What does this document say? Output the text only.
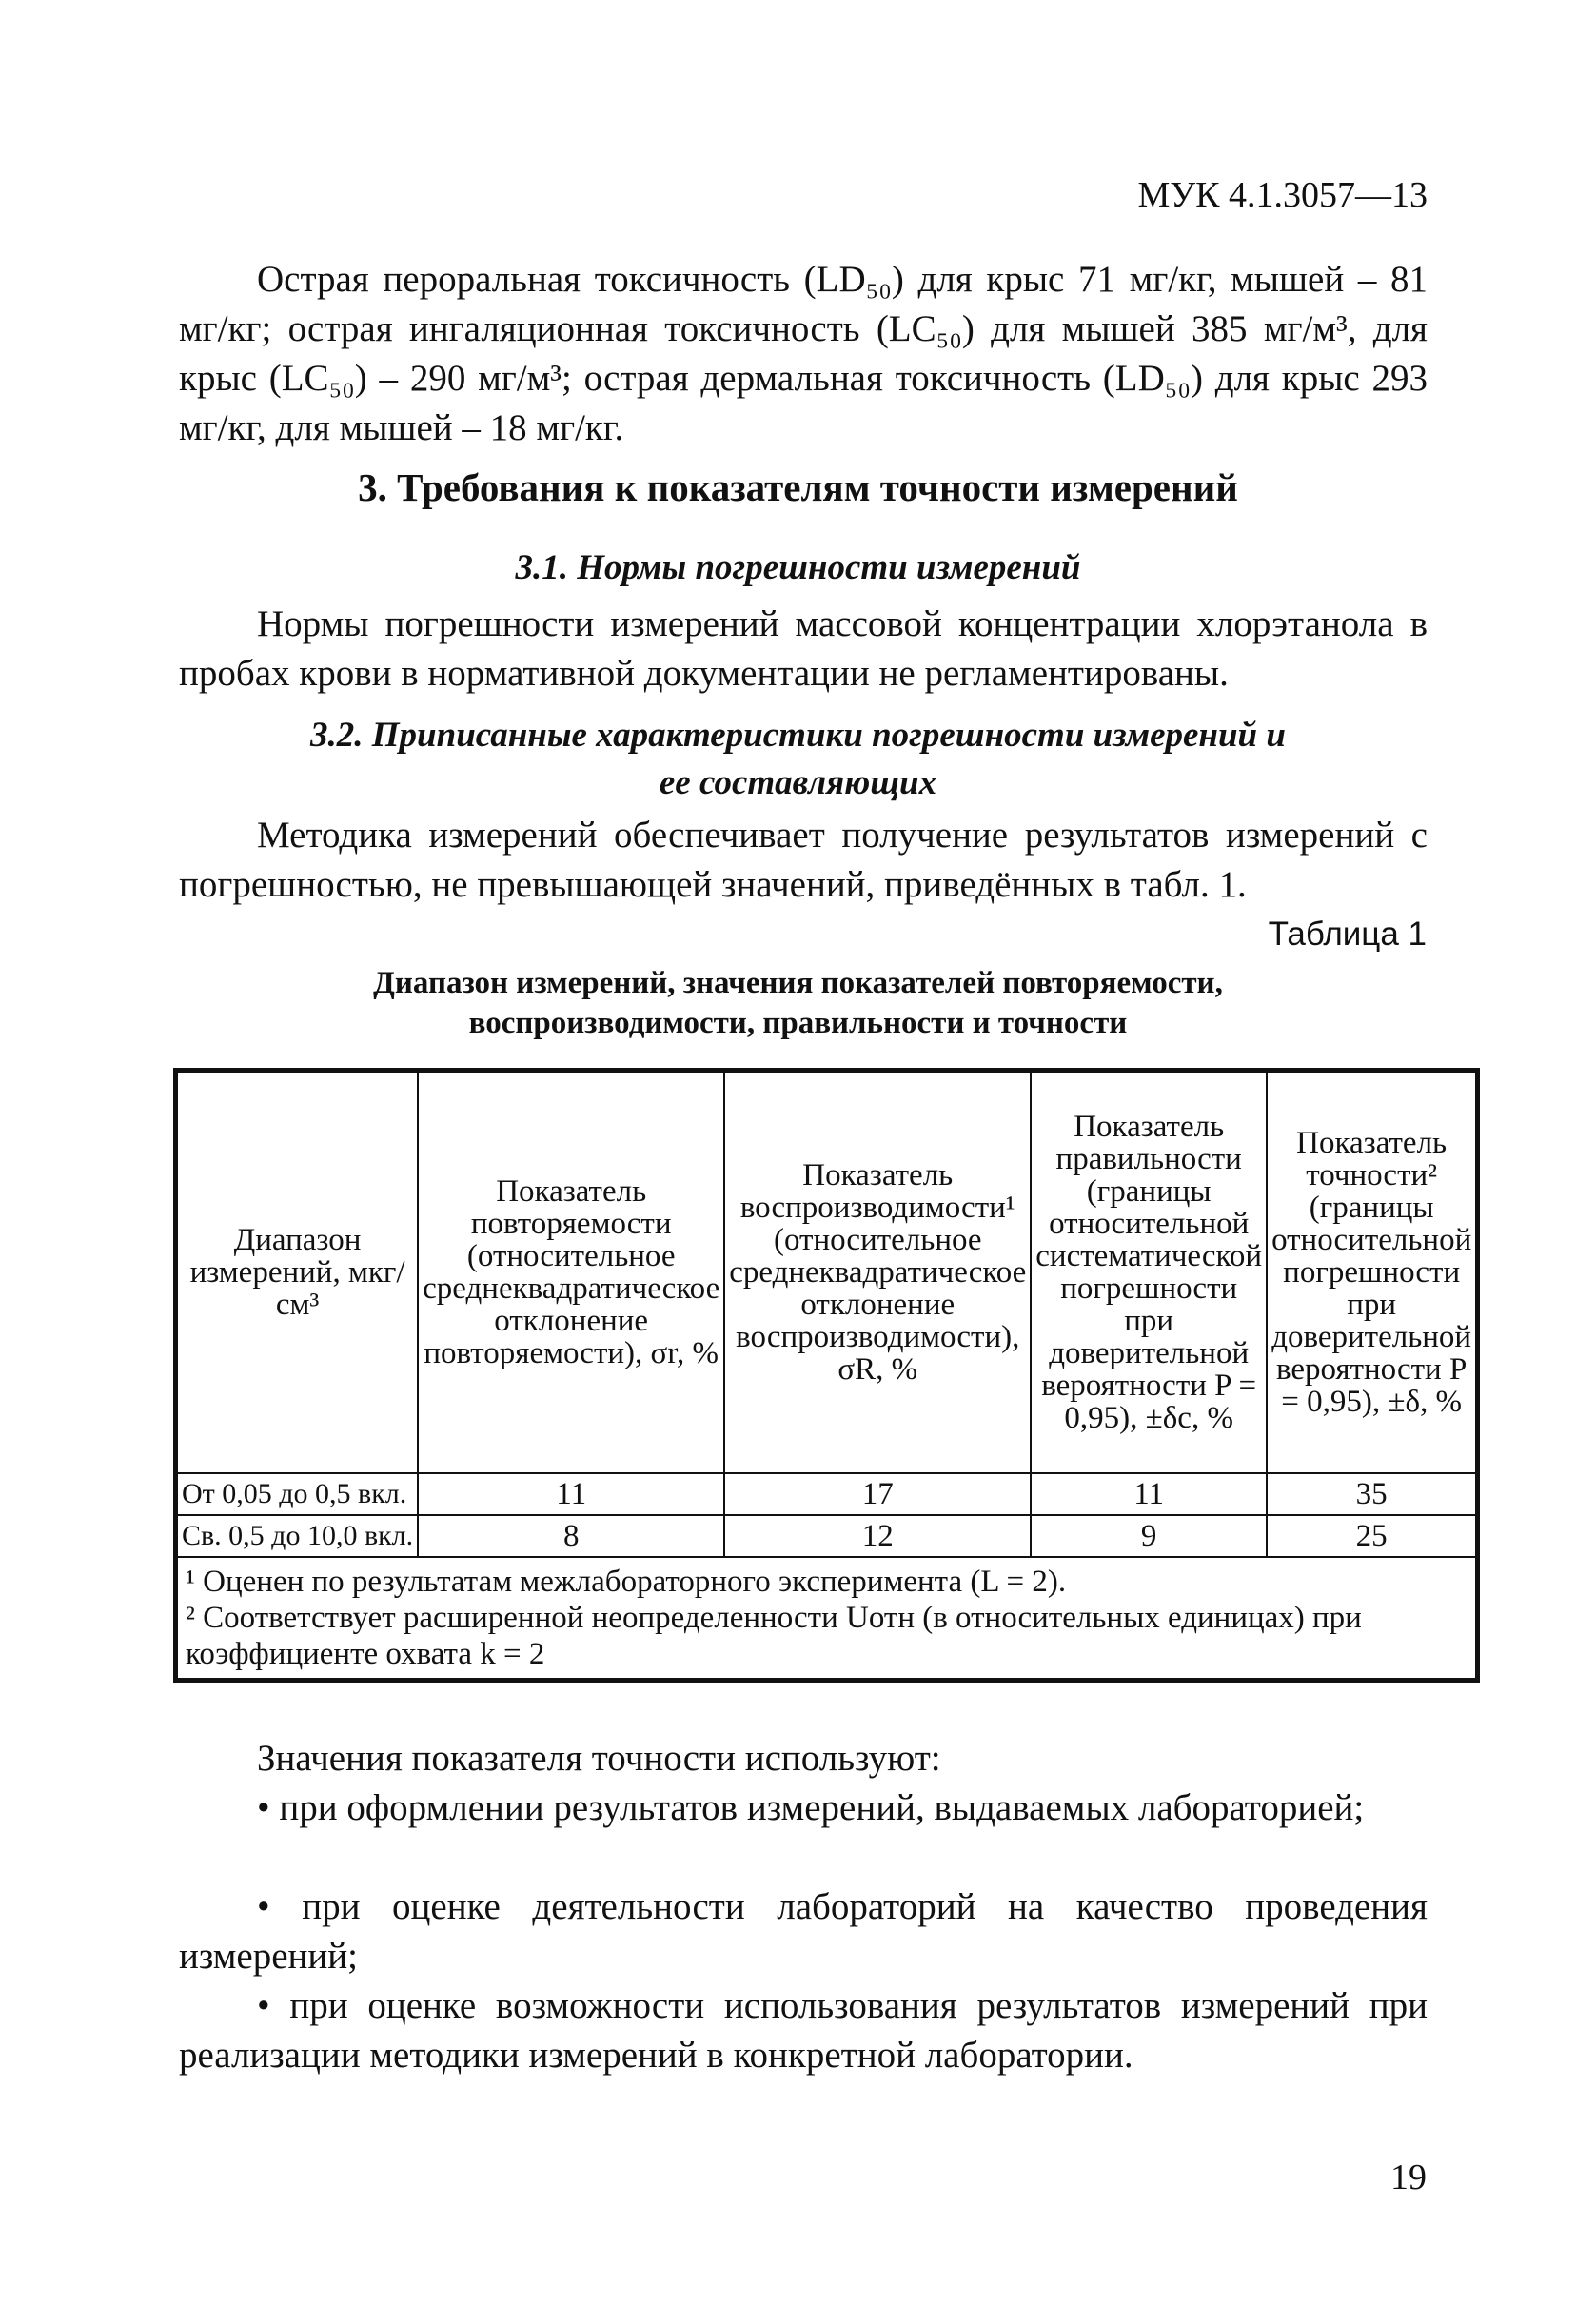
МУК 4.1.3057—13

Острая пероральная токсичность (LD₅₀) для крыс 71 мг/кг, мышей – 81 мг/кг; острая ингаляционная токсичность (LC₅₀) для мышей 385 мг/м³, для крыс (LC₅₀) – 290 мг/м³; острая дермальная токсичность (LD₅₀) для крыс 293 мг/кг, для мышей – 18 мг/кг.

3. Требования к показателям точности измерений
3.1. Нормы погрешности измерений

Нормы погрешности измерений массовой концентрации хлорэтанола в пробах крови в нормативной документации не регламентированы.

3.2. Приписанные характеристики погрешности измерений и
ее составляющих

Методика измерений обеспечивает получение результатов измерений с погрешностью, не превышающей значений, приведённых в табл. 1.

Таблица 1
Диапазон измерений, значения показателей повторяемости,
воспроизводимости, правильности и точности
Диапазон измерений, мкг/см³	Показатель повторяемости (относительное среднеквадратическое отклонение повторяемости), σr, %	Показатель воспроизводимости¹ (относительное среднеквадратическое отклонение воспроизводимости), σR, %	Показатель правильности (границы относительной систематической погрешности при доверительной вероятности P = 0,95), ±δc, %	Показатель точности² (границы относительной погрешности при доверительной вероятности P = 0,95), ±δ, %
От 0,05 до 0,5 вкл.	11	17	11	35
Св. 0,5 до 10,0 вкл.	8	12	9	25

¹ Оценен по результатам межлабораторного эксперимента (L = 2).
² Соответствует расширенной неопределенности Uотн (в относительных единицах) при коэффициенте охвата k = 2				

Значения показателя точности используют:

• при оформлении результатов измерений, выдаваемых лабораторией;

• при оценке деятельности лабораторий на качество проведения измерений;

• при оценке возможности использования результатов измерений при реализации методики измерений в конкретной лаборатории.

19
